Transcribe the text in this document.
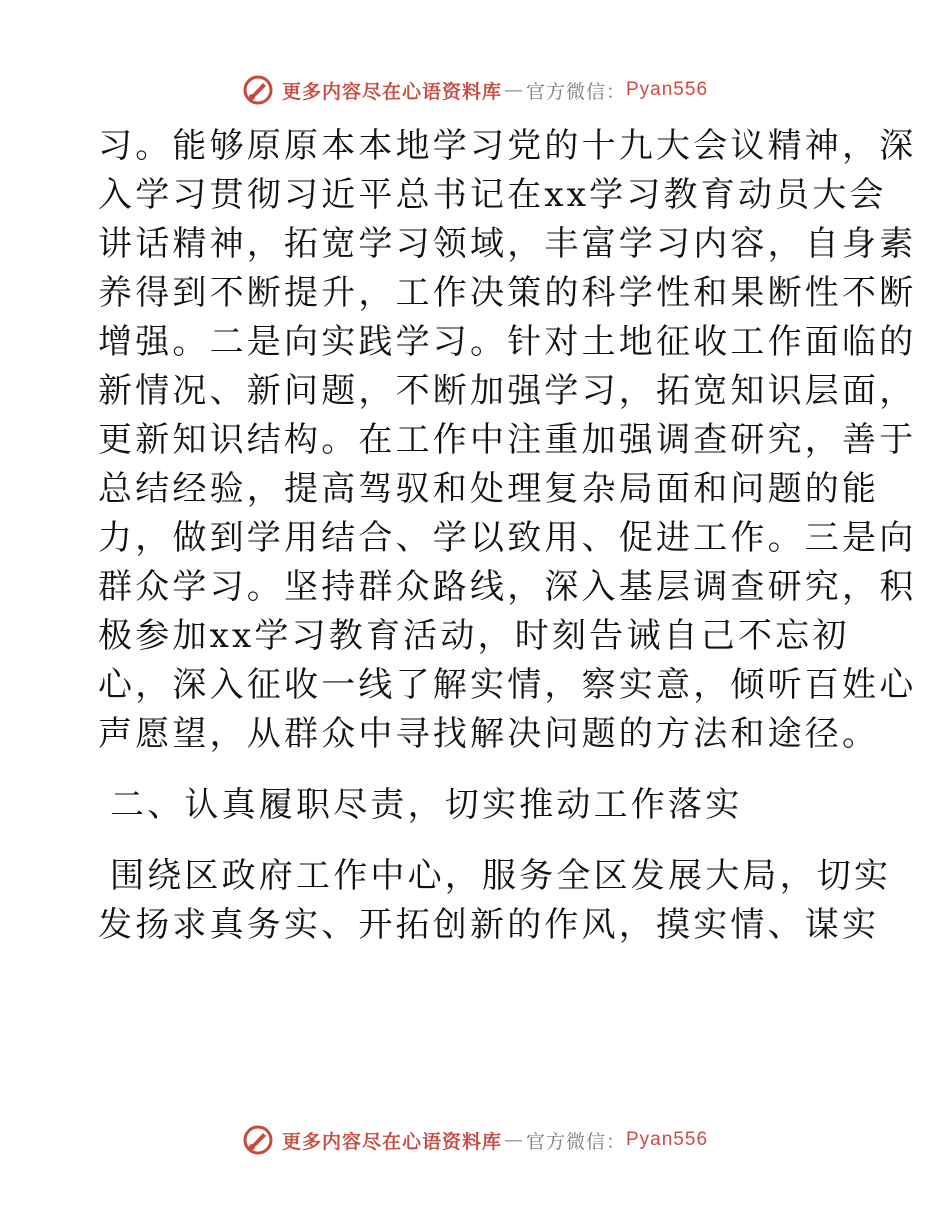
更多内容尽在心语资料库 — 官方微信： Pyan556
习。能够原原本本地学习党的十九大会议精神，深
入学习贯彻习近平总书记在xx学习教育动员大会
讲话精神，拓宽学习领域，丰富学习内容，自身素
养得到不断提升，工作决策的科学性和果断性不断
增强。二是向实践学习。针对土地征收工作面临的
新情况、新问题，不断加强学习，拓宽知识层面，
更新知识结构。在工作中注重加强调查研究，善于
总结经验，提高驾驭和处理复杂局面和问题的能
力，做到学用结合、学以致用、促进工作。三是向
群众学习。坚持群众路线，深入基层调查研究，积
极参加xx学习教育活动，时刻告诫自己不忘初
心，深入征收一线了解实情，察实意，倾听百姓心
声愿望，从群众中寻找解决问题的方法和途径。
二、认真履职尽责，切实推动工作落实
围绕区政府工作中心，服务全区发展大局，切实
发扬求真务实、开拓创新的作风，摸实情、谋实
更多内容尽在心语资料库 — 官方微信： Pyan556
